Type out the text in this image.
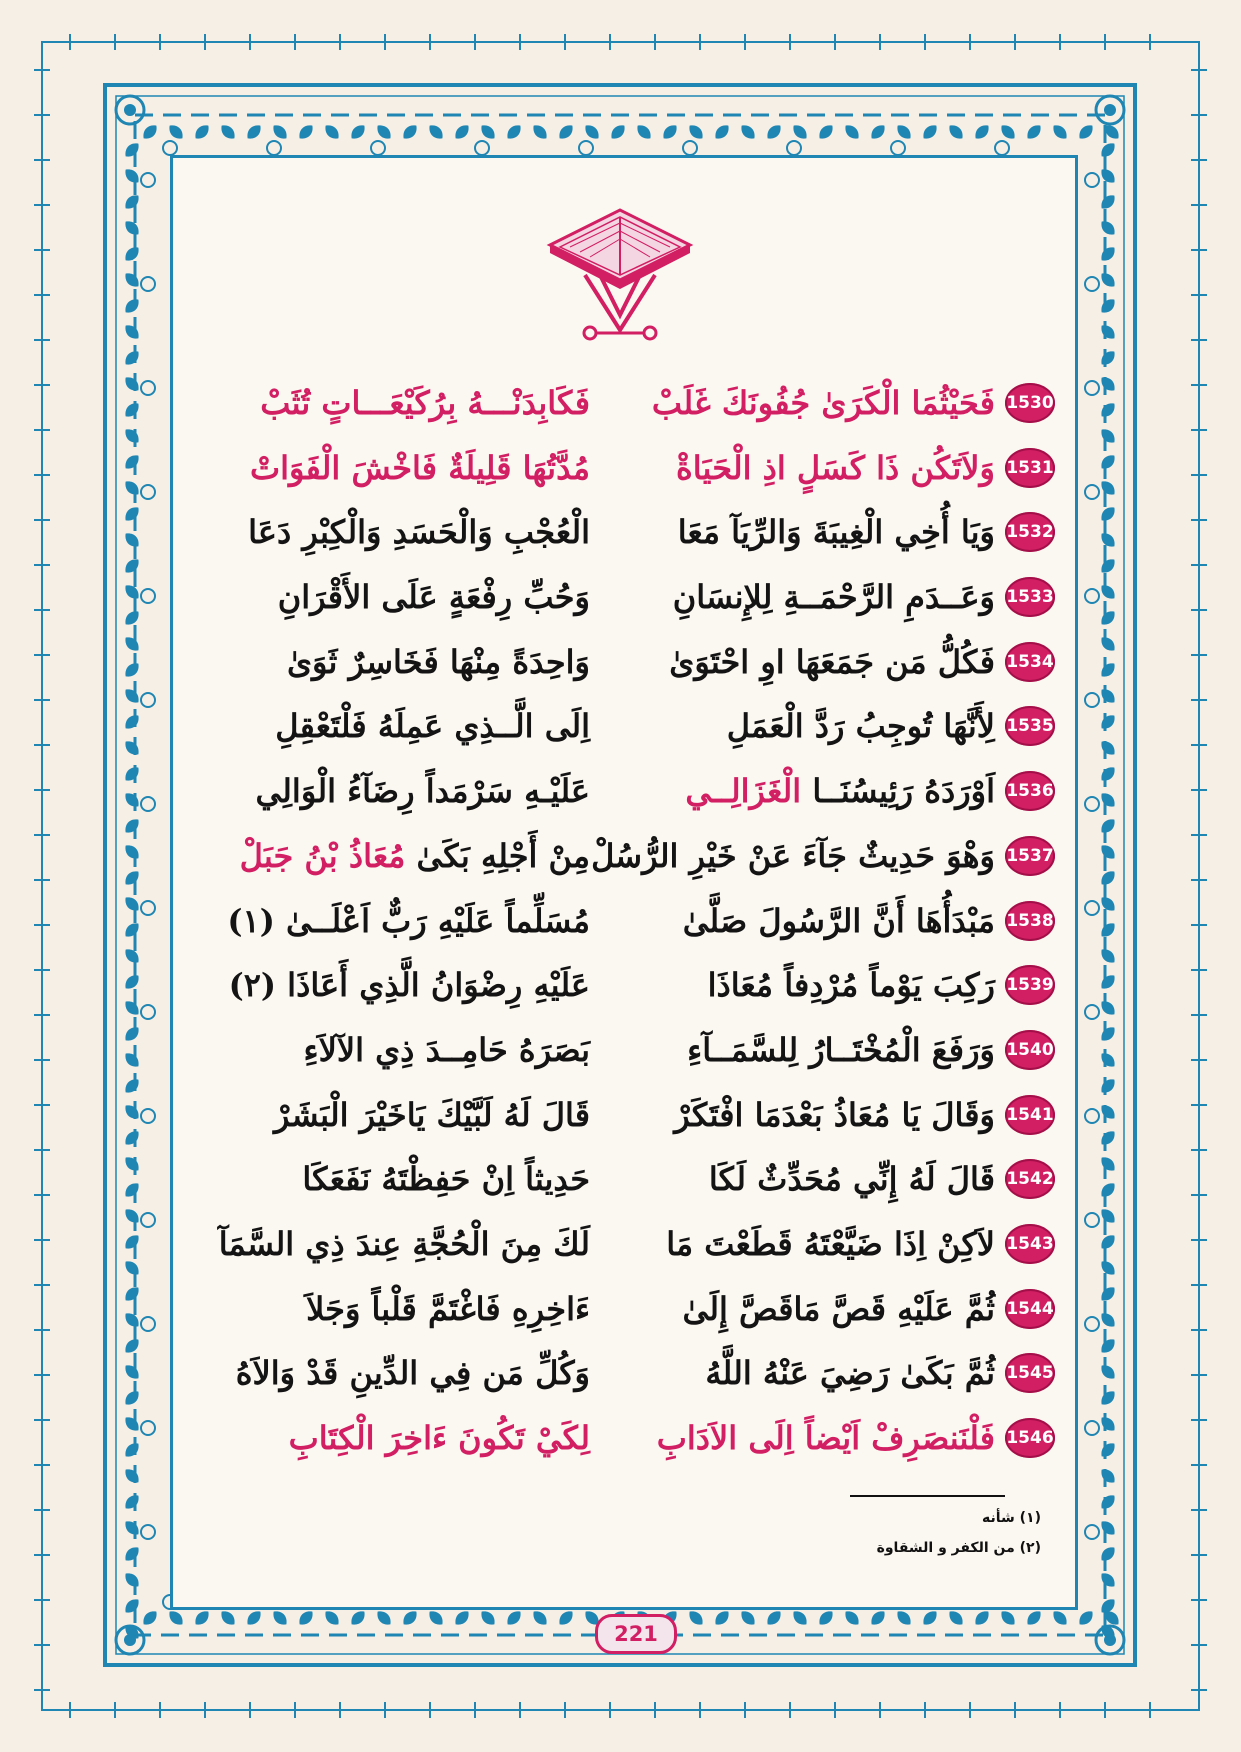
1530
فَحَيْثُمَا الْكَرَىٰ جُفُونَكَ غَلَبْ
فَكَابِدَنْـــهُ بِرُكَيْعَـــاتٍ تُثَبْ
1531
وَلاَتَكُن ذَا كَسَلٍ اذِ الْحَيَاةْ
مُدَّتُهَا قَلِيلَةٌ فَاخْشَ الْفَوَاتْ
1532
وَيَا أُخِي الْغِيبَةَ وَالرِّيَآ مَعَا
الْعُجْبِ وَالْحَسَدِ وَالْكِبْرِ دَعَا
1533
وَعَــدَمِ الرَّحْمَــةِ لِلإِنسَانِ
وَحُبِّ رِفْعَةٍ عَلَى الأَقْرَانِ
1534
فَكُلُّ مَن جَمَعَهَا اوِ احْتَوَىٰ
وَاحِدَةً مِنْهَا فَخَاسِرٌ ثَوَىٰ
1535
لِأَنَّهَا تُوجِبُ رَدَّ الْعَمَلِ
اِلَى الَّــذِي عَمِلَهُ فَلْتَعْقِلِ
1536
اَوْرَدَهُ رَئِيسُنَــا الْغَزَالِــي
عَلَيْـهِ سَرْمَداً رِضَآءُ الْوَالِي
1537
وَهْوَ حَدِيثٌ جَآءَ عَنْ خَيْرِ الرُّسُلْ
مِنْ أَجْلِهِ بَكَىٰ مُعَاذُ بْنُ جَبَلْ
1538
مَبْدَأُهَا أَنَّ الرَّسُولَ صَلَّىٰ
مُسَلِّماً عَلَيْهِ رَبٌّ اَعْلَــىٰ (١)
1539
رَكِبَ يَوْماً مُرْدِفاً مُعَاذَا
عَلَيْهِ رِضْوَانُ الَّذِي أَعَاذَا (٢)
1540
وَرَفَعَ الْمُخْتَــارُ لِلسَّمَــآءِ
بَصَرَهُ حَامِــدَ ذِي الآلاَءِ
1541
وَقَالَ يَا مُعَاذُ بَعْدَمَا افْتَكَرْ
قَالَ لَهُ لَبَّيْكَ يَاخَيْرَ الْبَشَرْ
1542
قَالَ لَهُ إِنِّي مُحَدِّثٌ لَكَا
حَدِيثاً اِنْ حَفِظْتَهُ نَفَعَكَا
1543
لاَكِنْ اِذَا ضَيَّعْتَهُ قَطَعْتَ مَا
لَكَ مِنَ الْحُجَّةِ عِندَ ذِي السَّمَآ
1544
ثُمَّ عَلَيْهِ قَصَّ مَاقَصَّ إِلَىٰ
ءَاخِرِهِ فَاغْتَمَّ قَلْباً وَجَلاَ
1545
ثُمَّ بَكَىٰ رَضِيَ عَنْهُ اللَّهُ
وَكُلِّ مَن فِي الدِّينِ قَدْ وَالاَهُ
1546
فَلْنَنصَرِفْ اَيْضاً اِلَى الاَدَابِ
لِكَيْ تَكُونَ ءَاخِرَ الْكِتَابِ
(١) شأنه
(٢) من الكفر و الشقاوة
221
